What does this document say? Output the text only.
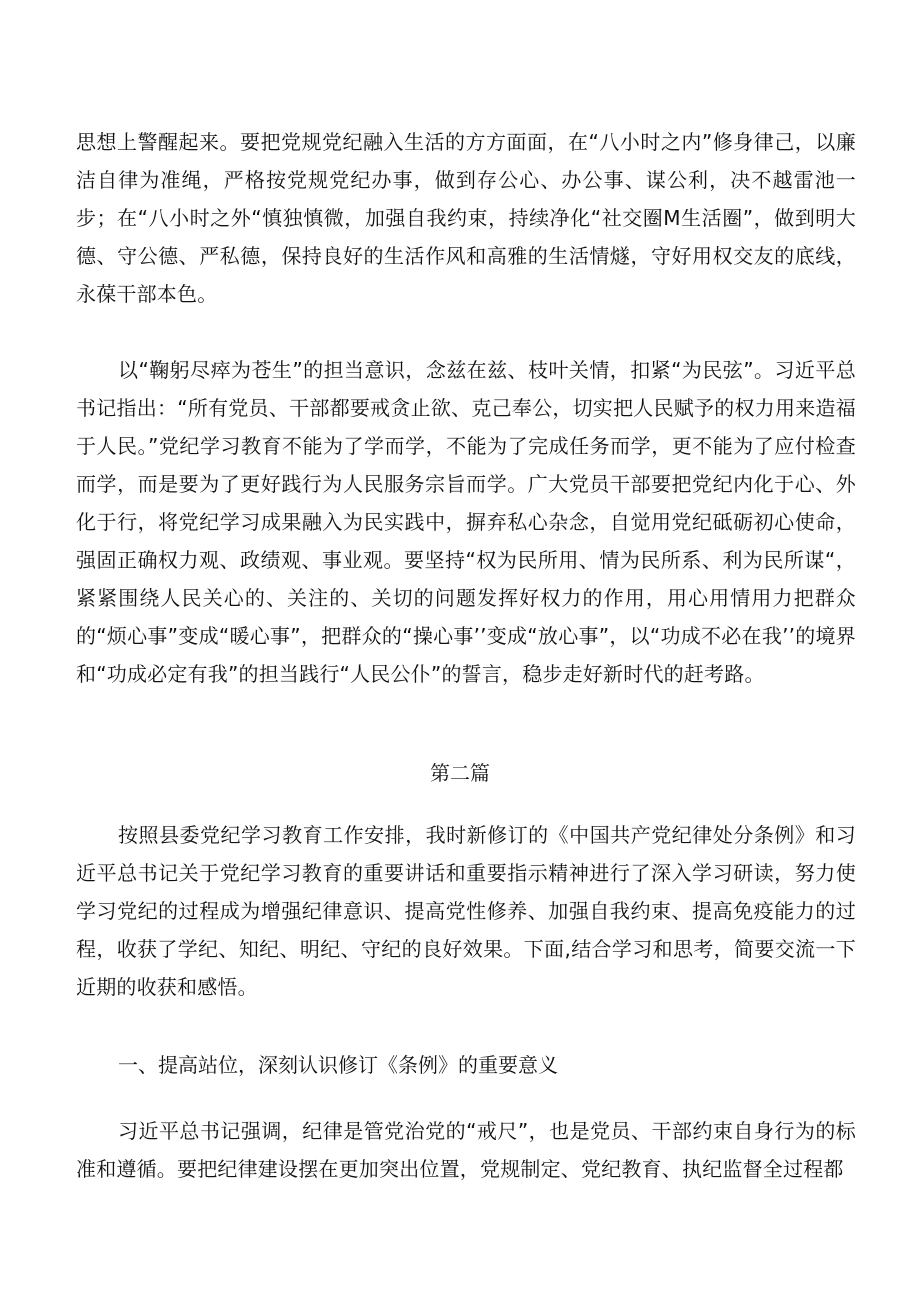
思想上警醒起来。要把党规党纪融入生活的方方面面，在“八小时之内”修身律己，以廉洁自律为准绳，严格按党规党纪办事，做到存公心、办公事、谋公利，决不越雷池一步；在“八小时之外“慎独慎微，加强自我约束，持续净化“社交圈M生活圈”，做到明大德、守公德、严私德，保持良好的生活作风和高雅的生活情燧，守好用权交友的底线，永葆干部本色。

以“鞠躬尽瘁为苍生”的担当意识，念兹在兹、枝叶关情，扣紧“为民弦”。习近平总书记指出：“所有党员、干部都要戒贪止欲、克己奉公，切实把人民赋予的权力用来造福于人民。”党纪学习教育不能为了学而学，不能为了完成任务而学，更不能为了应付检查而学，而是要为了更好践行为人民服务宗旨而学。广大党员干部要把党纪内化于心、外化于行，将党纪学习成果融入为民实践中，摒弃私心杂念，自觉用党纪砥砺初心使命，强固正确权力观、政绩观、事业观。要坚持“权为民所用、情为民所系、利为民所谋“，紧紧围绕人民关心的、关注的、关切的问题发挥好权力的作用，用心用情用力把群众的“烦心事”变成“暖心事”，把群众的“操心事’’变成“放心事”，以“功成不必在我’’的境界和“功成必定有我”的担当践行“人民公仆”的誓言，稳步走好新时代的赶考路。

第二篇

按照县委党纪学习教育工作安排，我时新修订的《中国共产党纪律处分条例》和习近平总书记关于党纪学习教育的重要讲话和重要指示精神进行了深入学习研读，努力使学习党纪的过程成为增强纪律意识、提高党性修养、加强自我约束、提高免疫能力的过程，收获了学纪、知纪、明纪、守纪的良好效果。下面,结合学习和思考，简要交流一下近期的收获和感悟。

一、提高站位，深刻认识修订《条例》的重要意义

习近平总书记强调，纪律是管党治党的“戒尺”，也是党员、干部约束自身行为的标准和遵循。要把纪律建设摆在更加突出位置，党规制定、党纪教育、执纪监督全过程都
